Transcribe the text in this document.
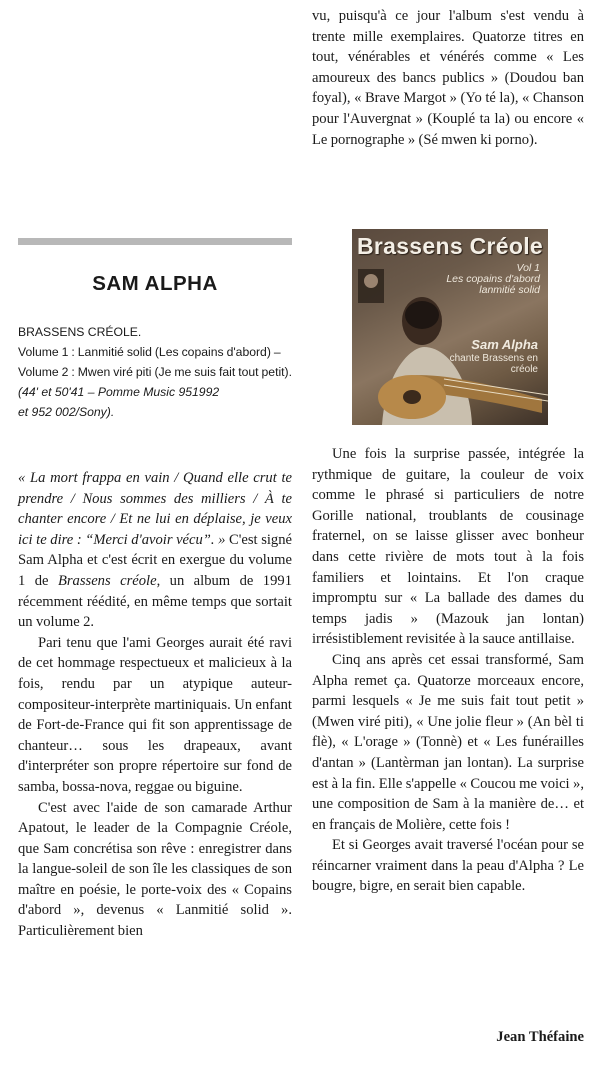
SAM ALPHA
BRASSENS CRÉOLE.
Volume 1 : Lanmitié solid (Les copains d'abord) – Volume 2 : Mwen viré piti (Je me suis fait tout petit).
(44' et 50'41 – Pomme Music 951992
et 952 002/Sony).

« La mort frappa en vain / Quand elle crut te prendre / Nous sommes des milliers / À te chanter encore / Et ne lui en déplaise, je veux ici te dire : “Merci d'avoir vécu”. » C'est signé Sam Alpha et c'est écrit en exergue du volume 1 de Brassens créole, un album de 1991 récemment réédité, en même temps que sortait un volume 2.

Pari tenu que l'ami Georges aurait été ravi de cet hommage respectueux et malicieux à la fois, rendu par un atypique auteur-compositeur-interprète martiniquais. Un enfant de Fort-de-France qui fit son apprentissage de chanteur… sous les drapeaux, avant d'interpréter son propre répertoire sur fond de samba, bossa-nova, reggae ou biguine.

C'est avec l'aide de son camarade Arthur Apatout, le leader de la Compagnie Créole, que Sam concrétisa son rêve : enregistrer dans la langue-soleil de son île les classiques de son maître en poésie, le porte-voix des « Copains d'abord », devenus « Lanmitié solid ». Particulièrement bien

vu, puisqu'à ce jour l'album s'est vendu à trente mille exemplaires. Quatorze titres en tout, vénérables et vénérés comme « Les amoureux des bancs publics » (Doudou ban foyal), « Brave Margot » (Yo té la), « Chanson pour l'Auvergnat » (Kouplé ta la) ou encore « Le pornographe » (Sé mwen ki porno).

Brassens Créole
Vol 1
Les copains d'abord lanmitié solid
Sam Alpha
chante Brassens en créole

Une fois la surprise passée, intégrée la rythmique de guitare, la couleur de voix comme le phrasé si particuliers de notre Gorille national, troublants de cousinage fraternel, on se laisse glisser avec bonheur dans cette rivière de mots tout à la fois familiers et lointains. Et l'on craque impromptu sur « La ballade des dames du temps jadis » (Mazouk jan lontan) irrésistiblement revisitée à la sauce antillaise.

Cinq ans après cet essai transformé, Sam Alpha remet ça. Quatorze morceaux encore, parmi lesquels « Je me suis fait tout petit » (Mwen viré piti), « Une jolie fleur » (An bèl ti flè), « L'orage » (Tonnè) et « Les funérailles d'antan » (Lantèrman jan lontan). La surprise est à la fin. Elle s'appelle « Coucou me voici », une composition de Sam à la manière de… et en français de Molière, cette fois !

Et si Georges avait traversé l'océan pour se réincarner vraiment dans la peau d'Alpha ? Le bougre, bigre, en serait bien capable.

Jean Théfaine
